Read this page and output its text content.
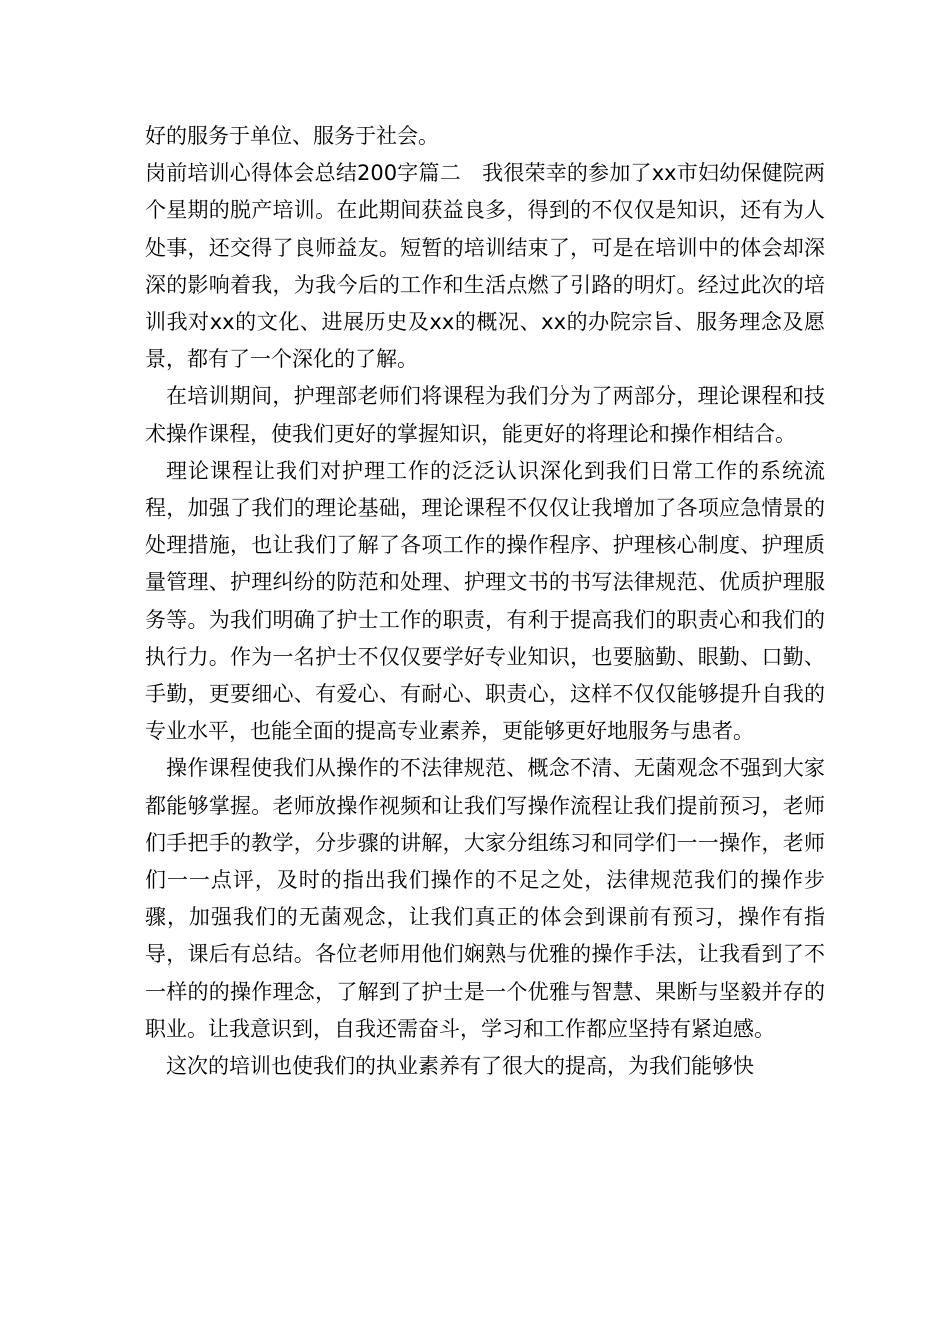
好的服务于单位、服务于社会。

岗前培训心得体会总结200字篇二　我很荣幸的参加了xx市妇幼保健院两个星期的脱产培训。在此期间获益良多，得到的不仅仅是知识，还有为人处事，还交得了良师益友。短暂的培训结束了，可是在培训中的体会却深深的影响着我，为我今后的工作和生活点燃了引路的明灯。经过此次的培训我对xx的文化、进展历史及xx的概况、xx的办院宗旨、服务理念及愿景，都有了一个深化的了解。

在培训期间，护理部老师们将课程为我们分为了两部分，理论课程和技术操作课程，使我们更好的掌握知识，能更好的将理论和操作相结合。

理论课程让我们对护理工作的泛泛认识深化到我们日常工作的系统流程，加强了我们的理论基础，理论课程不仅仅让我增加了各项应急情景的处理措施，也让我们了解了各项工作的操作程序、护理核心制度、护理质量管理、护理纠纷的防范和处理、护理文书的书写法律规范、优质护理服务等。为我们明确了护士工作的职责，有利于提高我们的职责心和我们的执行力。作为一名护士不仅仅要学好专业知识，也要脑勤、眼勤、口勤、手勤，更要细心、有爱心、有耐心、职责心，这样不仅仅能够提升自我的专业水平，也能全面的提高专业素养，更能够更好地服务与患者。

操作课程使我们从操作的不法律规范、概念不清、无菌观念不强到大家都能够掌握。老师放操作视频和让我们写操作流程让我们提前预习，老师们手把手的教学，分步骤的讲解，大家分组练习和同学们一一操作，老师们一一点评，及时的指出我们操作的不足之处，法律规范我们的操作步骤，加强我们的无菌观念，让我们真正的体会到课前有预习，操作有指导，课后有总结。各位老师用他们娴熟与优雅的操作手法，让我看到了不一样的的操作理念，了解到了护士是一个优雅与智慧、果断与坚毅并存的职业。让我意识到，自我还需奋斗，学习和工作都应坚持有紧迫感。

这次的培训也使我们的执业素养有了很大的提高，为我们能够快
